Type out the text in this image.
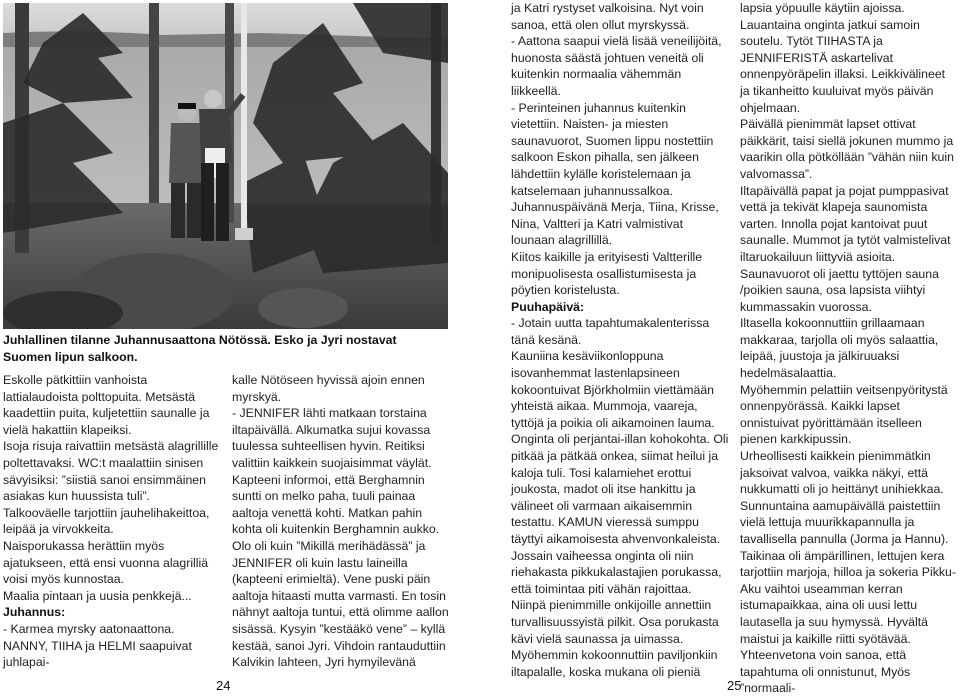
Juhlallinen tilanne Juhannusaattona Nötössä. Esko ja Jyri nostavat Suomen lipun salkoon.

Eskolle pätkittiin vanhoista lattialaudoista polttopuita. Metsästä kaadettiin puita, kuljetettiin saunalle ja vielä hakattiin klapeiksi.

Isoja risuja raivattiin metsästä alagrillille poltettavaksi. WC:t maalattiin sinisen sävyisiksi: ”siistiä sanoi ensimmäinen asiakas kun huussista tuli”.

Talkooväelle tarjottiin jauhelihakeittoa, leipää ja virvokkeita.

Naisporukassa herättiin myös ajatukseen, että ensi vuonna alagrilliä voisi myös kunnostaa.

Maalia pintaan ja uusia penkkejä...

Juhannus:

- Karmea myrsky aatonaattona. NANNY, TIIHA ja HELMI saapuivat juhlapai-

kalle Nötöseen hyvissä ajoin ennen myrskyä.

- JENNIFER lähti matkaan torstaina iltapäivällä. Alkumatka sujui kovassa tuulessa suhteellisen hyvin. Reitiksi valittiin kaikkein suojaisimmat väylät. Kapteeni informoi, että Berghamnin suntti on melko paha, tuuli painaa aaltoja venettä kohti. Matkan pahin kohta oli kuitenkin Berghamnin aukko. Olo oli kuin ”Mikillä merihädässä” ja JENNIFER oli kuin lastu laineilla (kapteeni erimieltä). Vene puski päin aaltoja hitaasti mutta varmasti. En tosin nähnyt aaltoja tuntui, että olimme aallon sisässä. Kysyin ”kestääkö vene” – kyllä kestää, sanoi Jyri. Vihdoin rantauduttiin Kalvikin lahteen, Jyri hymyilevänä

ja Katri rystyset valkoisina. Nyt voin sanoa, että olen ollut myrskyssä.

- Aattona saapui vielä lisää veneilijöitä, huonosta säästä johtuen veneitä oli kuitenkin normaalia vähemmän liikkeellä.

- Perinteinen juhannus kuitenkin vietettiin. Naisten- ja miesten saunavuorot, Suomen lippu nostettiin salkoon Eskon pihalla, sen jälkeen lähdettiin kylälle koristelemaan ja katselemaan juhannussalkoa.

Juhannuspäivänä Merja, Tiina, Krisse, Nina, Valtteri ja Katri valmistivat lounaan alagrillillä.

Kiitos kaikille ja erityisesti Valtterille monipuolisesta osallistumisesta ja pöytien koristelusta.

Puuhapäivä:

- Jotain uutta tapahtumakalenterissa tänä kesänä.

Kauniina kesäviikonloppuna isovanhemmat lastenlapsineen kokoontuivat Björkholmiin viettämään yhteistä aikaa. Mummoja, vaareja, tyttöjä ja poikia oli aikamoinen lauma.

Onginta oli perjantai-illan kohokohta. Oli pitkää ja pätkää onkea, siimat heilui ja kaloja tuli. Tosi kalamiehet erottui joukosta, madot oli itse hankittu ja välineet oli varmaan aikaisemmin testattu. KAMUN vieressä sumppu täyttyi aikamoisesta ahvenvonkaleista.

Jossain vaiheessa onginta oli niin riehakasta pikkukalastajien porukassa, että toimintaa piti vähän rajoittaa. Niinpä pienimmille onkijoille annettiin turvallisuussyistä pilkit. Osa porukasta kävi vielä saunassa ja uimassa. Myöhemmin kokoonnuttiin paviljonkiin iltapalalle, koska mukana oli pieniä

lapsia yöpuulle käytiin ajoissa.

Lauantaina onginta jatkui samoin soutelu. Tytöt TIIHASTA ja JENNIFERISTÄ askartelivat onnenpyöräpelin illaksi. Leikkivälineet ja tikanheitto kuuluivat myös päivän ohjelmaan.

Päivällä pienimmät lapset ottivat päikkärit, taisi siellä jokunen mummo ja vaarikin olla pötköllään ”vähän niin kuin valvomassa”.

Iltapäivällä papat ja pojat pumppasivat vettä ja tekivät klapeja saunomista varten. Innolla pojat kantoivat puut saunalle. Mummot ja tytöt valmistelivat iltaruokailuun liittyviä asioita.

Saunavuorot oli jaettu tyttöjen sauna /poikien sauna, osa lapsista viihtyi kummassakin vuorossa.

Iltasella kokoonnuttiin grillaamaan makkaraa, tarjolla oli myös salaattia, leipää, juustoja ja jälkiruuaksi hedelmäsalaattia.

Myöhemmin pelattiin veitsenpyöritystä onnenpyörässä. Kaikki lapset onnistuivat pyörittämään itselleen pienen karkkipussin.

Urheollisesti kaikkein pienimmätkin jaksoivat valvoa, vaikka näkyi, että nukkumatti oli jo heittänyt unihiekkaa.

Sunnuntaina aamupäivällä paistettiin vielä lettuja muurikkapannulla ja tavallisella pannulla (Jorma ja Hannu). Taikinaa oli ämpärillinen, lettujen kera tarjottiin marjoja, hilloa ja sokeria Pikku-Aku vaihtoi useamman kerran istumapaikkaa, aina oli uusi lettu lautasella ja suu hymyssä. Hyvältä maistui ja kaikille riitti syötävää.

Yhteenvetona voin sanoa, että tapahtuma oli onnistunut, Myös ”normaali-

24	25
